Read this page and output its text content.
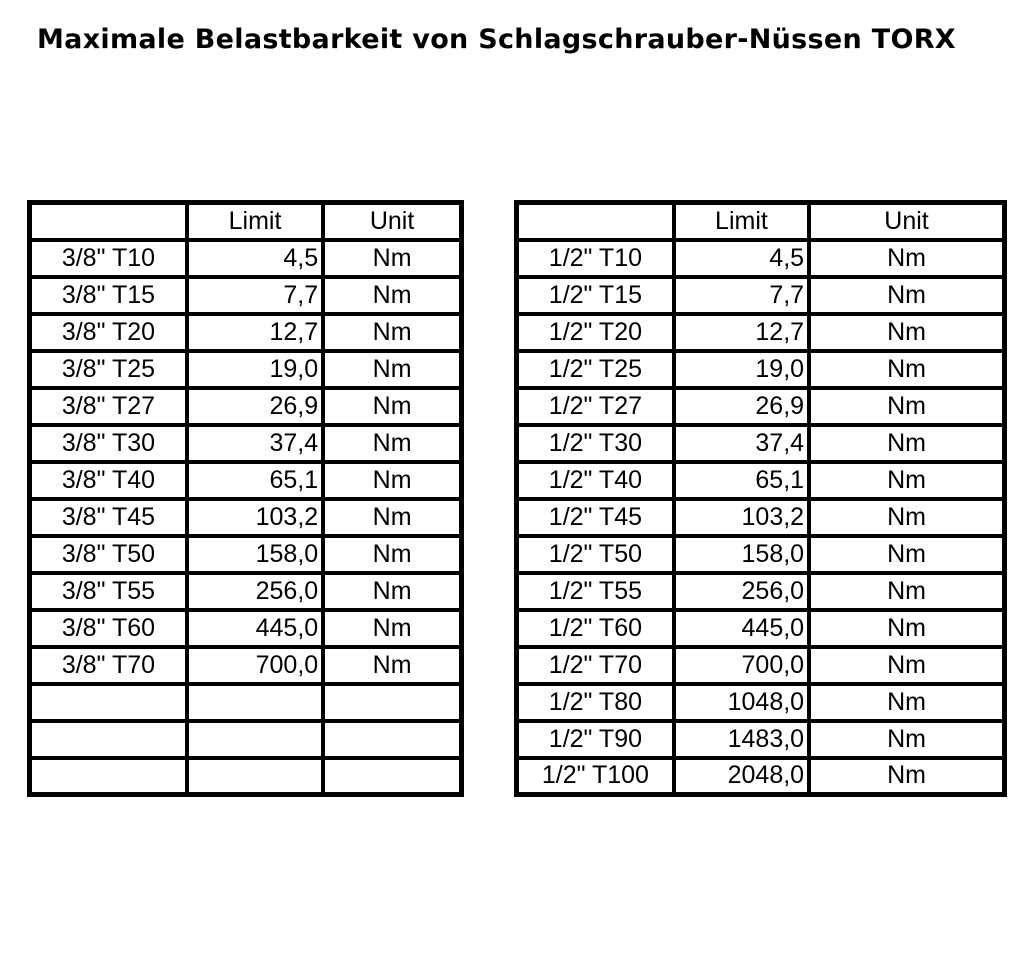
Maximale Belastbarkeit von Schlagschrauber-Nüssen TORX
	Limit	Unit
3/8" T10	4,5	Nm
3/8" T15	7,7	Nm
3/8" T20	12,7	Nm
3/8" T25	19,0	Nm
3/8" T27	26,9	Nm
3/8" T30	37,4	Nm
3/8" T40	65,1	Nm
3/8" T45	103,2	Nm
3/8" T50	158,0	Nm
3/8" T55	256,0	Nm
3/8" T60	445,0	Nm
3/8" T70	700,0	Nm

	Limit	Unit
1/2" T10	4,5	Nm
1/2" T15	7,7	Nm
1/2" T20	12,7	Nm
1/2" T25	19,0	Nm
1/2" T27	26,9	Nm
1/2" T30	37,4	Nm
1/2" T40	65,1	Nm
1/2" T45	103,2	Nm
1/2" T50	158,0	Nm
1/2" T55	256,0	Nm
1/2" T60	445,0	Nm
1/2" T70	700,0	Nm
1/2" T80	1048,0	Nm
1/2" T90	1483,0	Nm
1/2" T100	2048,0	Nm
